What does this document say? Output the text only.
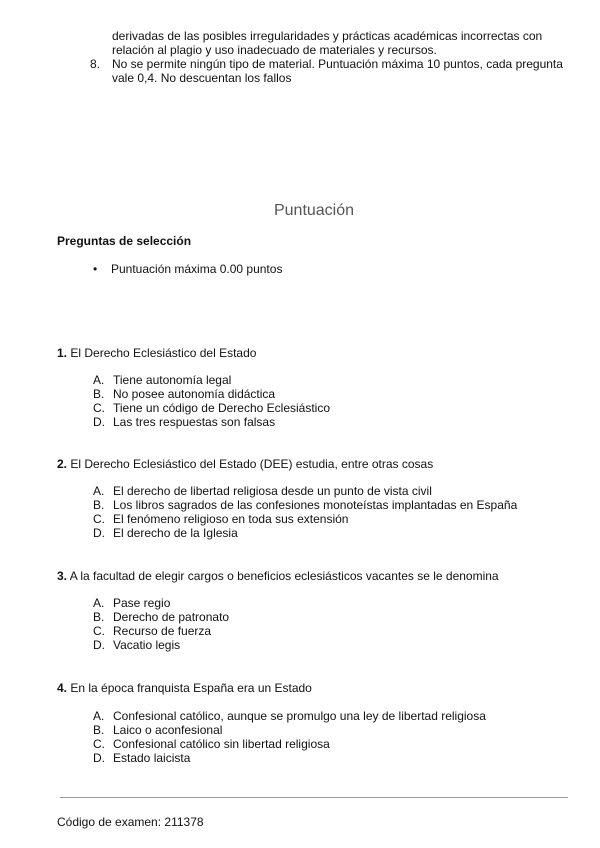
derivadas de las posibles irregularidades y prácticas académicas incorrectas con
relación al plagio y uso inadecuado de materiales y recursos.
8. No se permite ningún tipo de material. Puntuación máxima 10 puntos, cada pregunta
vale 0,4. No descuentan los fallos
Puntuación
Preguntas de selección
• Puntuación máxima 0.00 puntos
1. El Derecho Eclesiástico del Estado
A. Tiene autonomía legal
B. No posee autonomía didáctica
C. Tiene un código de Derecho Eclesiástico
D. Las tres respuestas son falsas
2. El Derecho Eclesiástico del Estado (DEE) estudia, entre otras cosas
A. El derecho de libertad religiosa desde un punto de vista civil
B. Los libros sagrados de las confesiones monoteístas implantadas en España
C. El fenómeno religioso en toda sus extensión
D. El derecho de la Iglesia
3. A la facultad de elegir cargos o beneficios eclesiásticos vacantes se le denomina
A. Pase regio
B. Derecho de patronato
C. Recurso de fuerza
D. Vacatio legis
4. En la época franquista España era un Estado
A. Confesional católico, aunque se promulgo una ley de libertad religiosa
B. Laico o aconfesional
C. Confesional católico sin libertad religiosa
D. Estado laicista
Código de examen: 211378
